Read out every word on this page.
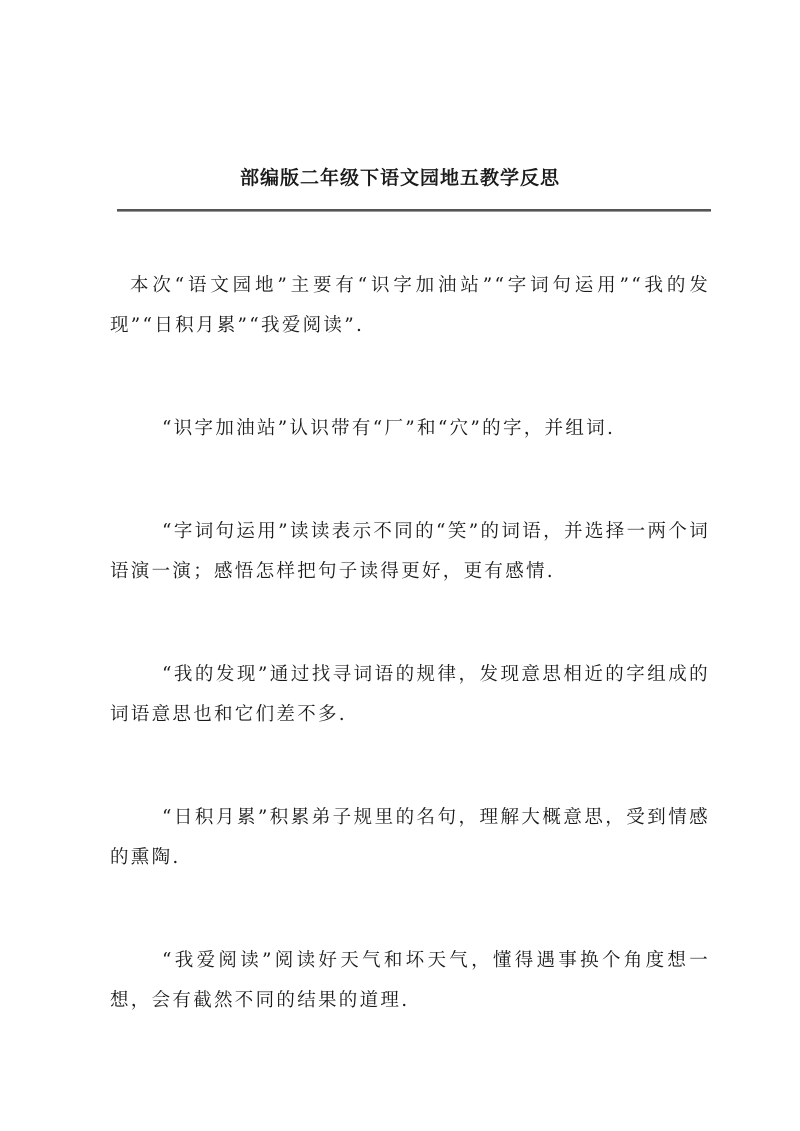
部编版二年级下语文园地五教学反思

本次“语文园地”主要有“识字加油站”“字词句运用”“我的发现”“日积月累”“我爱阅读”.

“识字加油站”认识带有“厂”和“穴”的字，并组词.

“字词句运用”读读表示不同的“笑”的词语，并选择一两个词语演一演；感悟怎样把句子读得更好，更有感情.

“我的发现”通过找寻词语的规律，发现意思相近的字组成的词语意思也和它们差不多.

“日积月累”积累弟子规里的名句，理解大概意思，受到情感的熏陶.

“我爱阅读”阅读好天气和坏天气，懂得遇事换个角度想一想，会有截然不同的结果的道理.
